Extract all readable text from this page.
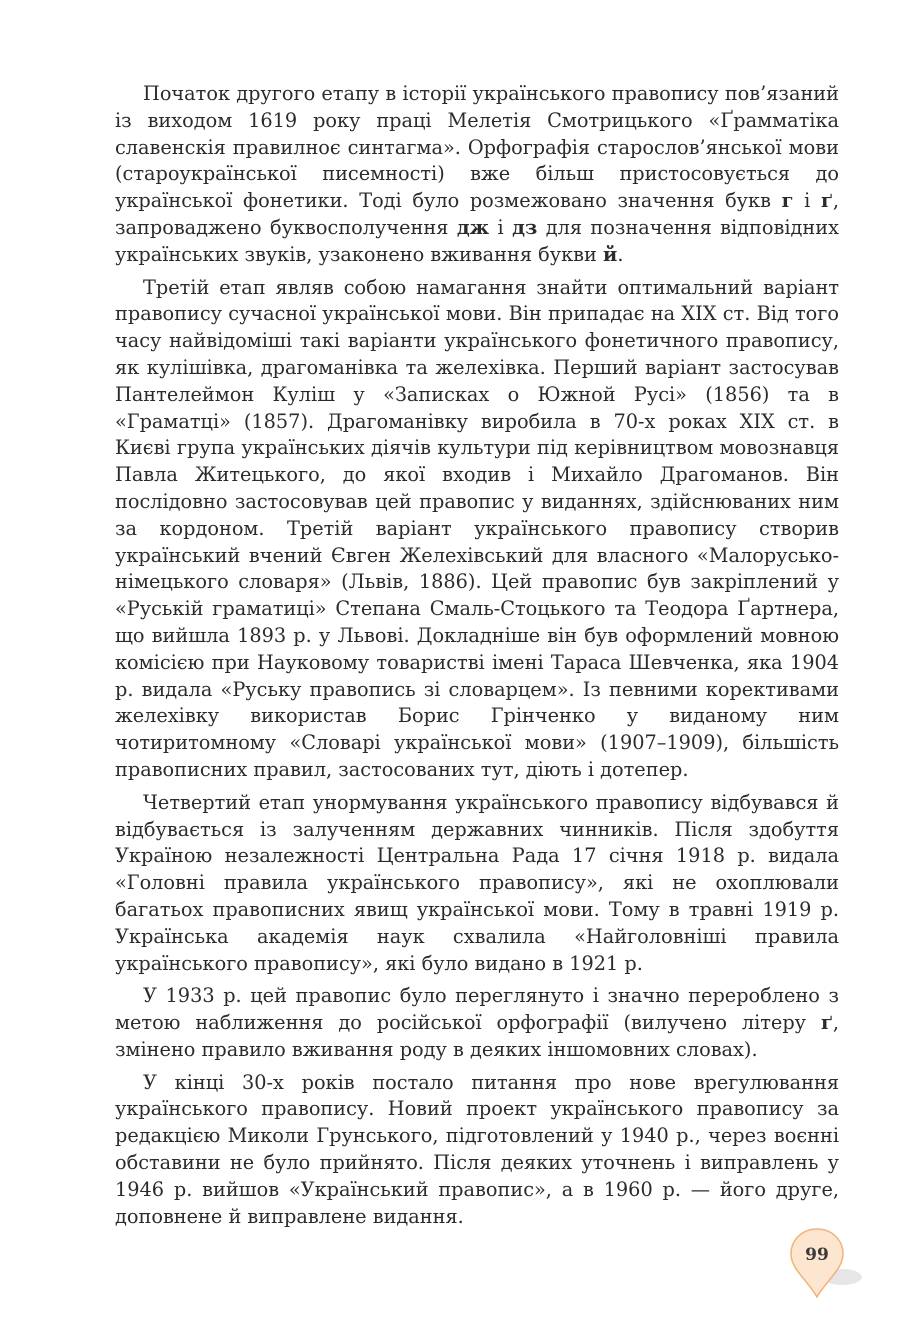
Початок другого етапу в історії українського правопису пов’язаний із виходом 1619 року праці Мелетія Смотрицького «Ґрамматіка славенскія правилноє синтагма». Орфографія старослов’янської мови (староукраїнської писемності) вже більш пристосовується до української фонетики. Тоді було розмежовано значення букв г і ґ, запроваджено буквосполучення дж і дз для позначення відповідних українських звуків, узаконено вживання букви й.

Третій етап являв собою намагання знайти оптимальний варіант правопису сучасної української мови. Він припадає на XIX ст. Від того часу найвідоміші такі варіанти українського фонетичного правопису, як кулішівка, драгоманівка та желехівка. Перший варіант застосував Пантелеймон Куліш у «Записках о Южной Русі» (1856) та в «Граматці» (1857). Драгоманівку виробила в 70-х роках XIX ст. в Києві група українських діячів культури під керівництвом мовознавця Павла Житецького, до якої входив і Михайло Драгоманов. Він послідовно застосовував цей правопис у виданнях, здійснюваних ним за кордоном. Третій варіант українського правопису створив український вчений Євген Желехівський для власного «Малорусько-німецького словаря» (Львів, 1886). Цей правопис був закріплений у «Руській граматиці» Степана Смаль-Стоцького та Теодора Ґартнера, що вийшла 1893 р. у Львові. Докладніше він був оформлений мовною комісією при Науковому товаристві імені Тараса Шевченка, яка 1904 р. видала «Руську правопись зі словарцем». Із певними корективами желехівку використав Борис Грінченко у виданому ним чотиритомному «Словарі української мови» (1907–1909), більшість правописних правил, застосованих тут, діють і дотепер.

Четвертий етап унормування українського правопису відбувався й відбувається із залученням державних чинників. Після здобуття Україною незалежності Центральна Рада 17 січня 1918 р. видала «Головні правила українського правопису», які не охоплювали багатьох правописних явищ української мови. Тому в травні 1919 р. Українська академія наук схвалила «Найголовніші правила українського правопису», які було видано в 1921 р.

У 1933 р. цей правопис було переглянуто і значно перероблено з метою наближення до російської орфографії (вилучено літеру ґ, змінено правило вживання роду в деяких іншомовних словах).

У кінці 30-х років постало питання про нове врегулювання українського правопису. Новий проект українського правопису за редакцією Миколи Грунського, підготовлений у 1940 р., через воєнні обставини не було прийнято. Після деяких уточнень і виправлень у 1946 р. вийшов «Український правопис», а в 1960 р. — його друге, доповнене й виправлене видання.

99
